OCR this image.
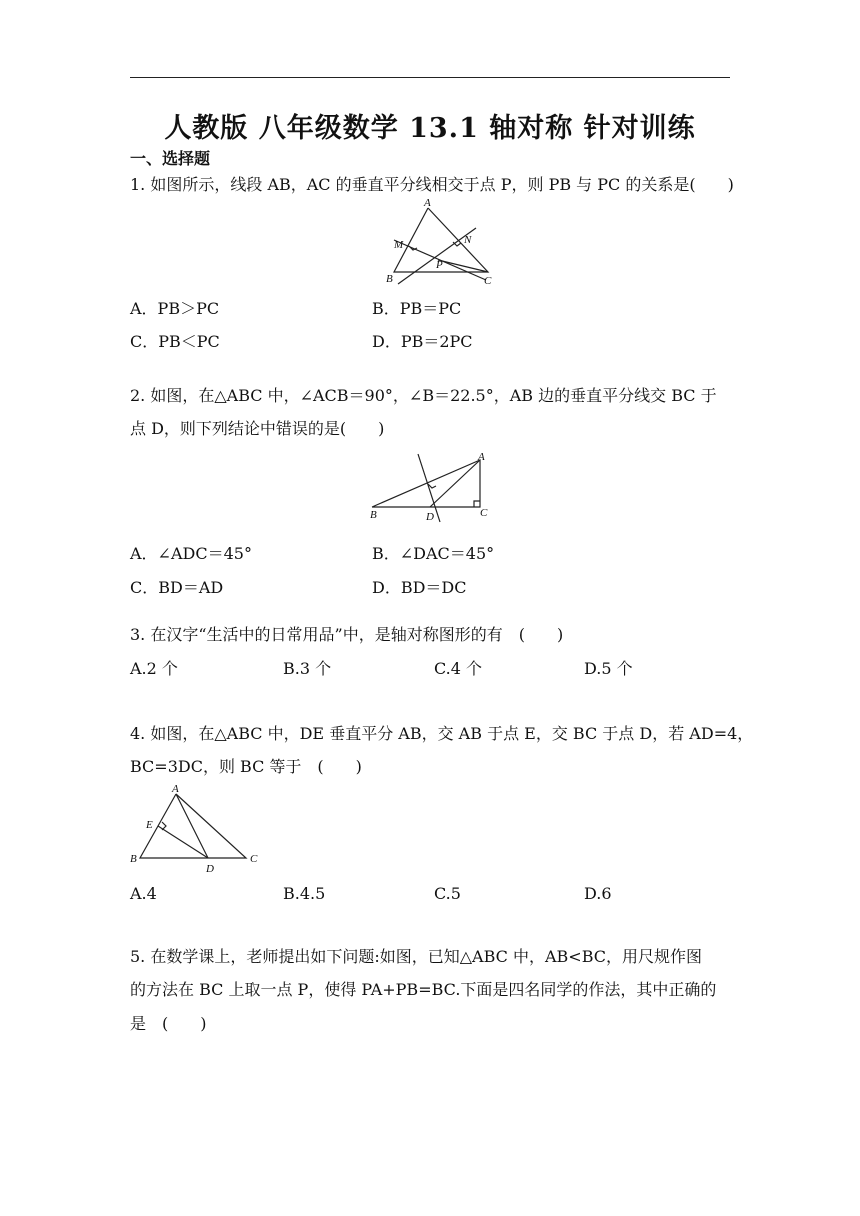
人教版 八年级数学 13.1 轴对称 针对训练
一、选择题
1. 如图所示，线段 AB，AC 的垂直平分线相交于点 P，则 PB 与 PC 的关系是(　　)
A
B	C
M	N
P
A．PB＞PC	B．PB＝PC
C．PB＜PC	D．PB＝2PC
2. 如图，在△ABC 中，∠ACB＝90°，∠B＝22.5°，AB 边的垂直平分线交 BC 于
点 D，则下列结论中错误的是(　　)
A
B	C
D
A．∠ADC＝45°	B．∠DAC＝45°
C．BD＝AD	D．BD＝DC
3. 在汉字“生活中的日常用品”中，是轴对称图形的有　(　　)
A.2 个	B.3 个	C.4 个	D.5 个
4. 如图，在△ABC 中，DE 垂直平分 AB，交 AB 于点 E，交 BC 于点 D，若 AD=4，
BC=3DC，则 BC 等于　(　　)
A
B	C
D
E
A.4	B.4.5	C.5	D.6
5. 在数学课上，老师提出如下问题:如图，已知△ABC 中，AB<BC，用尺规作图
的方法在 BC 上取一点 P，使得 PA+PB=BC.下面是四名同学的作法，其中正确的
是　(　　)
